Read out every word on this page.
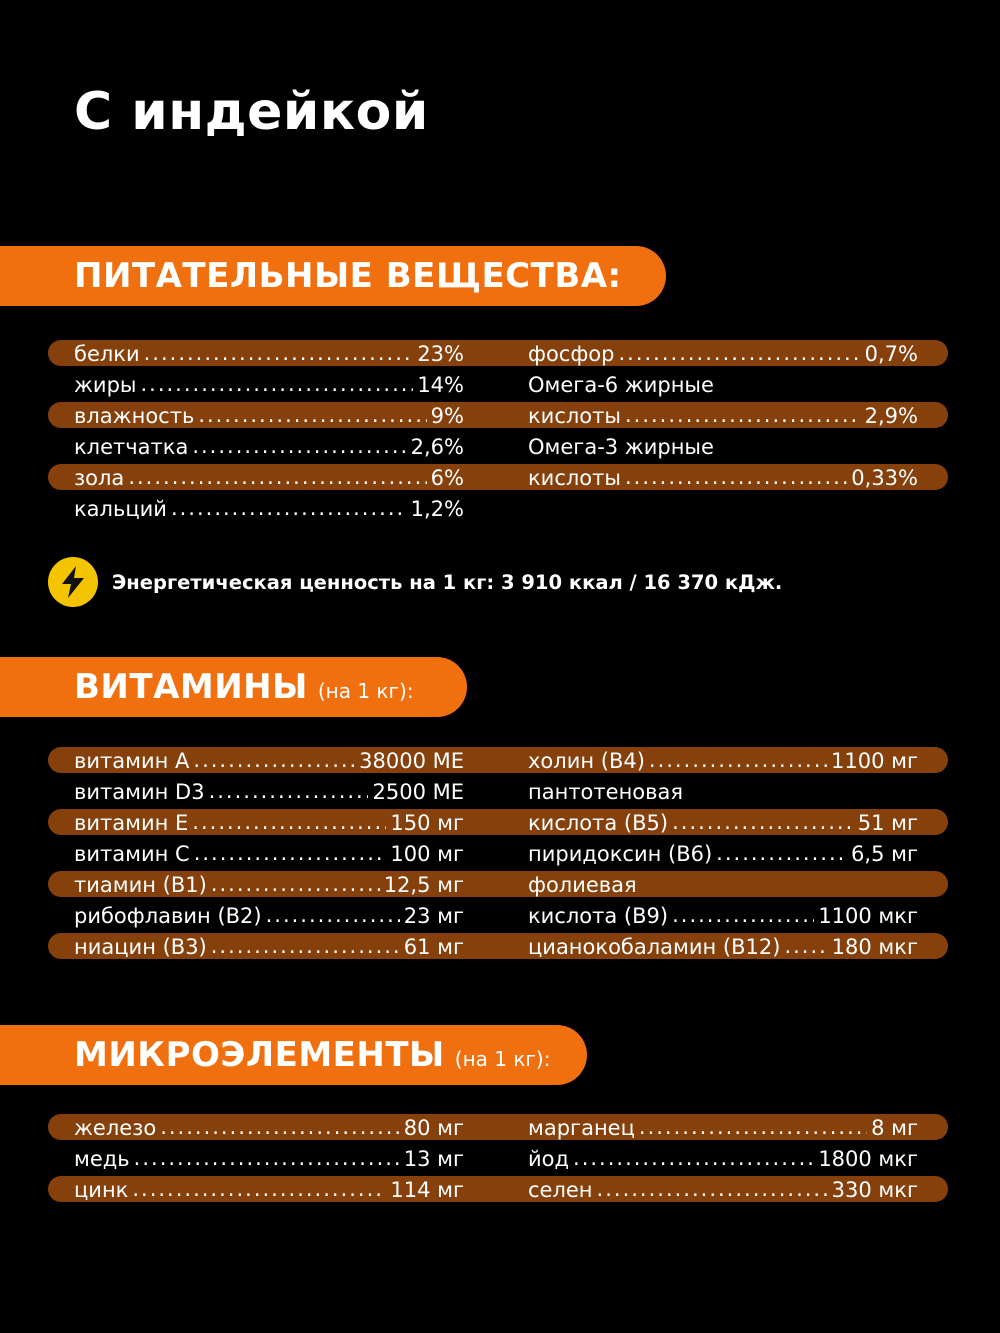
С индейкой
ПИТАТЕЛЬНЫЕ ВЕЩЕСТВА:
белки .....	23%
жиры .....	14%
влажность .....	9%
клетчатка .....	2,6%
зола .....	6%
кальций .....	1,2%
фосфор .....	0,7%
Омега-6 жирные
кислоты .....	2,9%
Омега-3 жирные
кислоты .....	0,33%
Энергетическая ценность на 1 кг: 3 910 ккал / 16 370 кДж.
ВИТАМИНЫ (на 1 кг):
витамин А .....	38000 МЕ
витамин D3 .....	2500 МЕ
витамин Е .....	150 мг
витамин С .....	100 мг
тиамин (В1) .....	12,5 мг
рибофлавин (В2) .....	23 мг
ниацин (В3) .....	61 мг
холин (В4) .....	1100 мг
пантотеновая
кислота (В5) .....	51 мг
пиридоксин (В6) .....	6,5 мг
фолиевая
кислота (В9) .....	1100 мкг
цианокобаламин (В12) ..... 180 мкг
МИКРОЭЛЕМЕНТЫ (на 1 кг):
железо .....	80 мг
медь .....	13 мг
цинк .....	114 мг
марганец .....	8 мг
йод .....	1800 мкг
селен .....	330 мкг
